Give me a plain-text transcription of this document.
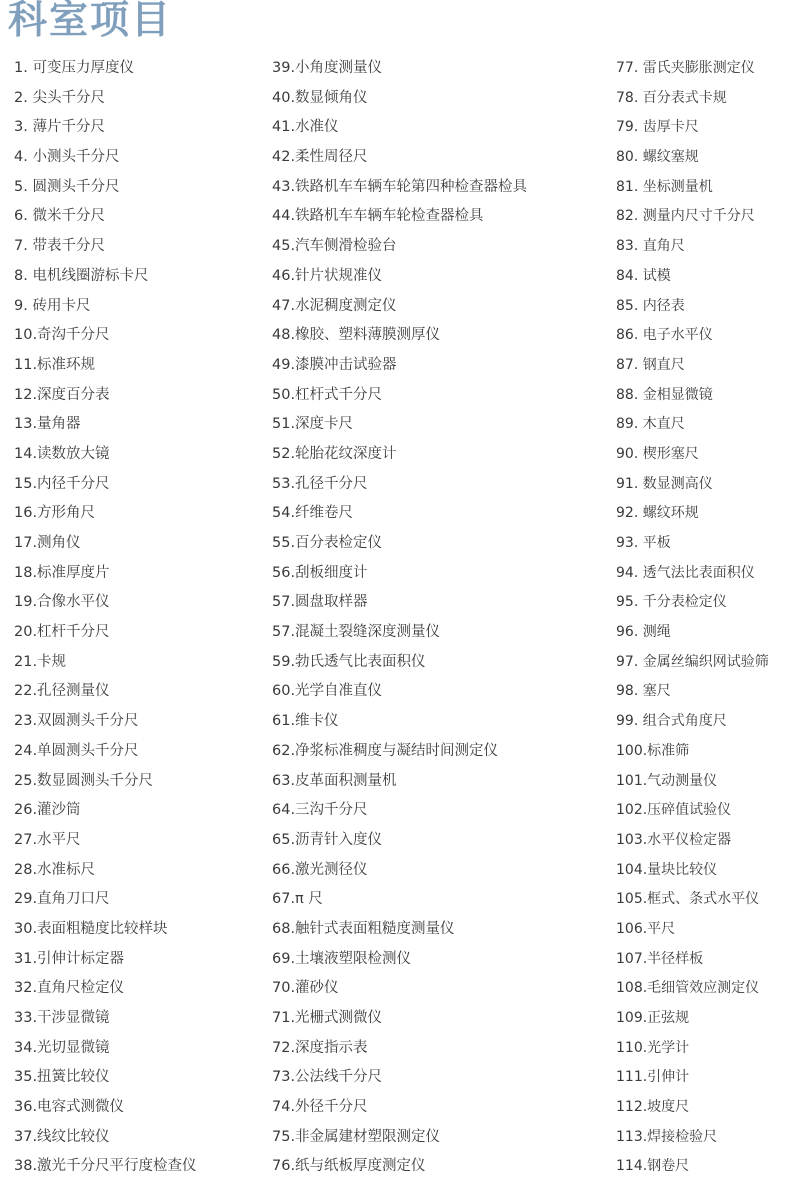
科室项目
1. 可变压力厚度仪
2. 尖头千分尺
3. 薄片千分尺
4. 小测头千分尺
5. 圆测头千分尺
6. 微米千分尺
7. 带表千分尺
8. 电机线圈游标卡尺
9. 砖用卡尺
10.奇沟千分尺
11.标准环规
12.深度百分表
13.量角器
14.读数放大镜
15.内径千分尺
16.方形角尺
17.测角仪
18.标准厚度片
19.合像水平仪
20.杠杆千分尺
21.卡规
22.孔径测量仪
23.双圆测头千分尺
24.单圆测头千分尺
25.数显圆测头千分尺
26.灌沙筒
27.水平尺
28.水准标尺
29.直角刀口尺
30.表面粗糙度比较样块
31.引伸计标定器
32.直角尺检定仪
33.干涉显微镜
34.光切显微镜
35.扭簧比较仪
36.电容式测微仪
37.线纹比较仪
38.激光千分尺平行度检查仪
39.小角度测量仪
40.数显倾角仪
41.水准仪
42.柔性周径尺
43.铁路机车车辆车轮第四种检查器检具
44.铁路机车车辆车轮检查器检具
45.汽车侧滑检验台
46.针片状规准仪
47.水泥稠度测定仪
48.橡胶、塑料薄膜测厚仪
49.漆膜冲击试验器
50.杠杆式千分尺
51.深度卡尺
52.轮胎花纹深度计
53.孔径千分尺
54.纤维卷尺
55.百分表检定仪
56.刮板细度计
57.圆盘取样器
57.混凝土裂缝深度测量仪
59.勃氏透气比表面积仪
60.光学自准直仪
61.维卡仪
62.净浆标准稠度与凝结时间测定仪
63.皮革面积测量机
64.三沟千分尺
65.沥青针入度仪
66.激光测径仪
67.π 尺
68.触针式表面粗糙度测量仪
69.土壤液塑限检测仪
70.灌砂仪
71.光栅式测微仪
72.深度指示表
73.公法线千分尺
74.外径千分尺
75.非金属建材塑限测定仪
76.纸与纸板厚度测定仪
77. 雷氏夹膨胀测定仪
78. 百分表式卡规
79. 齿厚卡尺
80. 螺纹塞规
81. 坐标测量机
82. 测量内尺寸千分尺
83. 直角尺
84. 试模
85. 内径表
86. 电子水平仪
87. 钢直尺
88. 金相显微镜
89. 木直尺
90. 楔形塞尺
91. 数显测高仪
92. 螺纹环规
93. 平板
94. 透气法比表面积仪
95. 千分表检定仪
96. 测绳
97. 金属丝编织网试验筛
98. 塞尺
99. 组合式角度尺
100.标准筛
101.气动测量仪
102.压碎值试验仪
103.水平仪检定器
104.量块比较仪
105.框式、条式水平仪
106.平尺
107.半径样板
108.毛细管效应测定仪
109.正弦规
110.光学计
111.引伸计
112.坡度尺
113.焊接检验尺
114.钢卷尺
